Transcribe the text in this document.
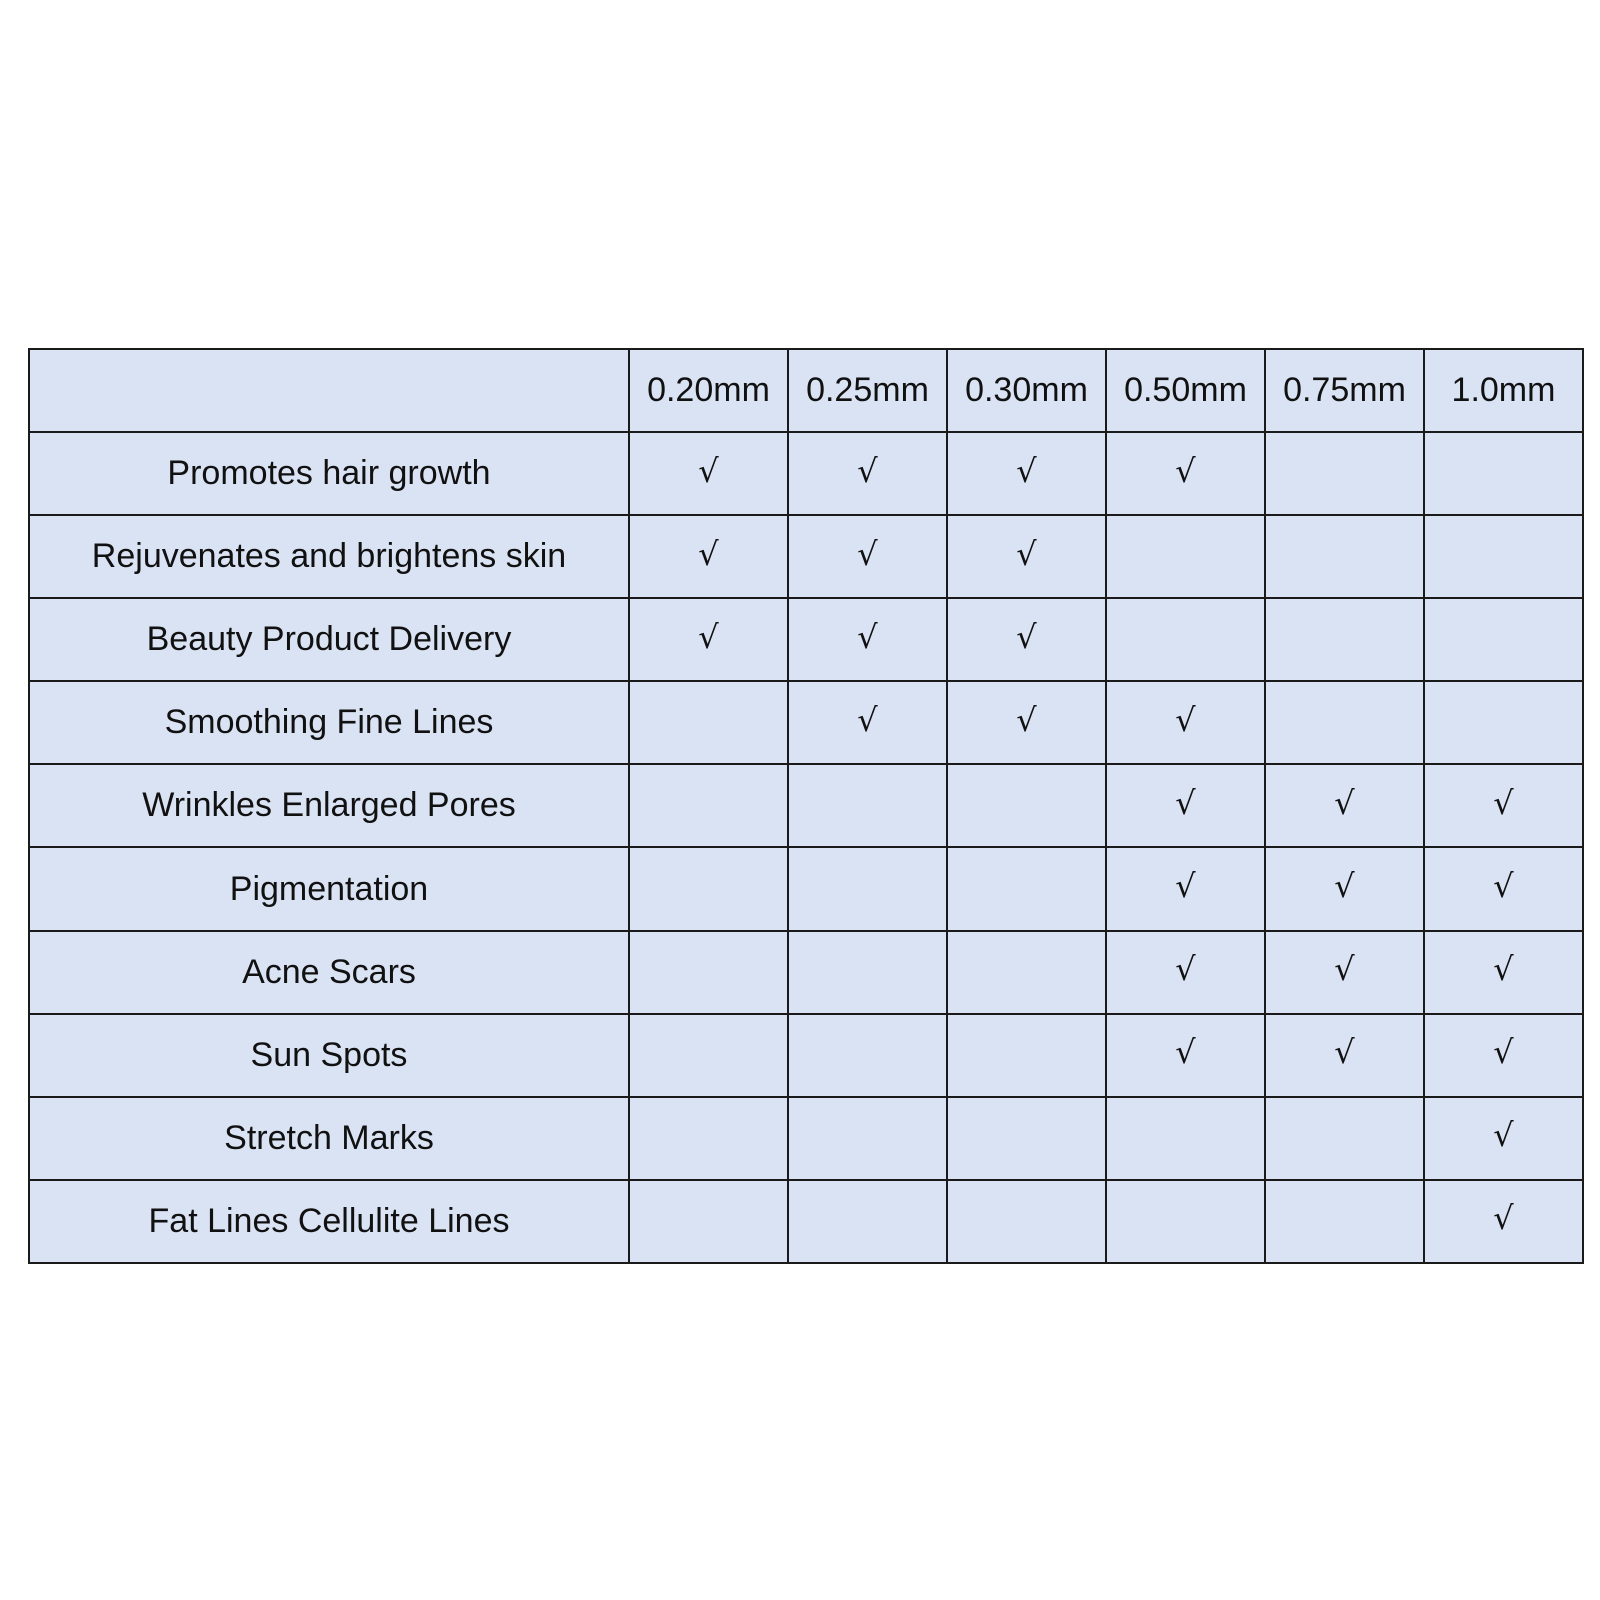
	0.20mm	0.25mm	0.30mm	0.50mm	0.75mm	1.0mm
Promotes hair growth	√	√	√	√		
Rejuvenates and brightens skin	√	√	√			
Beauty Product Delivery	√	√	√			
Smoothing Fine Lines		√	√	√		
Wrinkles Enlarged Pores				√	√	√
Pigmentation				√	√	√
Acne Scars				√	√	√
Sun Spots				√	√	√
Stretch Marks						√
Fat Lines Cellulite Lines						√
